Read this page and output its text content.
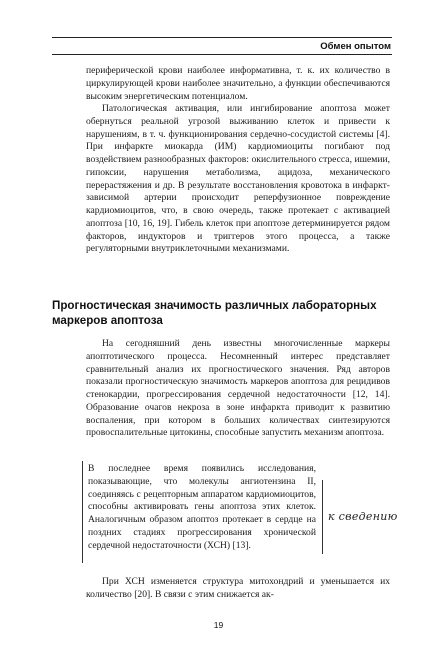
Обмен опытом

периферической крови наиболее информативна, т. к. их количество в циркулирующей крови наиболее значительно, а функции обеспечиваются высоким энергетическим потенциалом.

Патологическая активация, или ингибирование апоптоза может обернуться реальной угрозой выживанию клеток и привести к нарушениям, в т. ч. функционирования сердечно-сосудистой системы [4]. При инфаркте миокарда (ИМ) кардиомиоциты погибают под воздействием разнообразных факторов: окислительного стресса, ишемии, гипоксии, нарушения метаболизма, ацидоза, механического перерастяжения и др. В результате восстановления кровотока в инфаркт-зависимой артерии происходит реперфузионное повреждение кардиомиоцитов, что, в свою очередь, также протекает с активацией апоптоза [10, 16, 19]. Гибель клеток при апоптозе детерминируется рядом факторов, индукторов и триггеров этого процесса, а также регуляторными внутриклеточными механизмами.

Прогностическая значимость различных лабораторных маркеров апоптоза

На сегодняшний день известны многочисленные маркеры апоптотического процесса. Несомненный интерес представляет сравнительный анализ их прогностического значения. Ряд авторов показали прогностическую значимость маркеров апоптоза для рецидивов стенокардии, прогрессирования сердечной недостаточности [12, 14]. Образование очагов некроза в зоне инфаркта приводит к развитию воспаления, при котором в больших количествах синтезируются провоспалительные цитокины, способные запустить механизм апоптоза.

В последнее время появились исследования, показывающие, что молекулы ангиотензина II, соединяясь с рецепторным аппаратом кардиомиоцитов, способны активировать гены апоптоза этих клеток. Аналогичным образом апоптоз протекает в сердце на поздних стадиях прогрессирования хронической сердечной недостаточности (ХСН) [13].

к сведению

При ХСН изменяется структура митохондрий и уменьшается их количество [20]. В связи с этим снижается ак-

19
